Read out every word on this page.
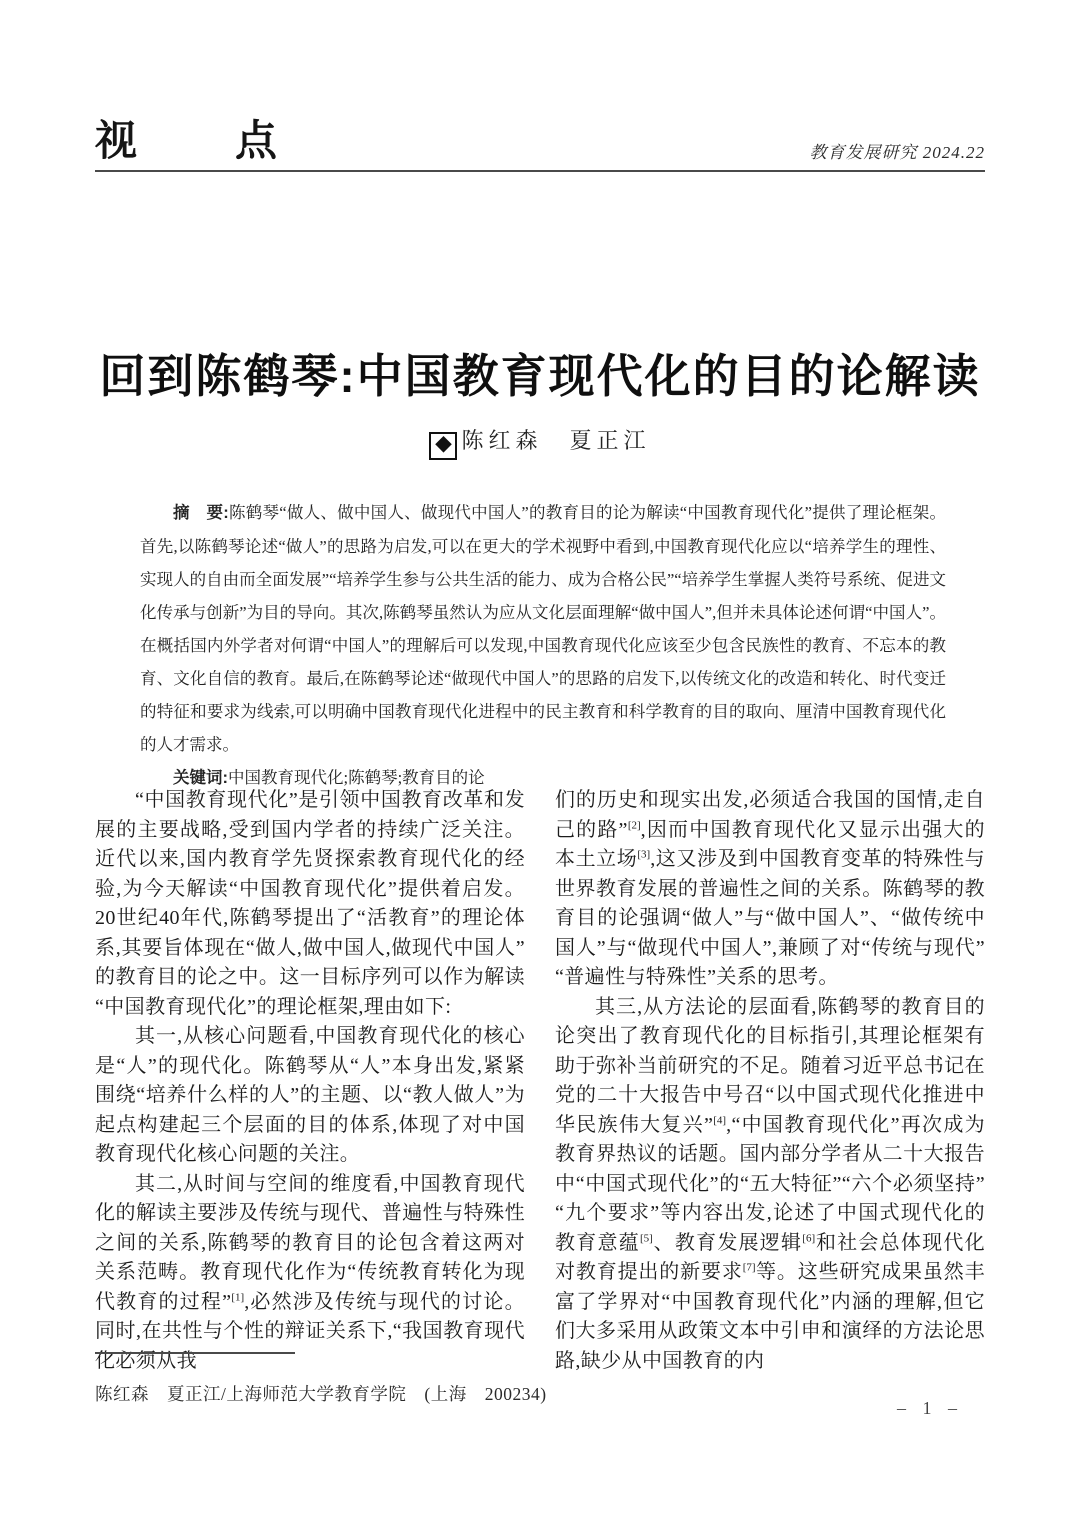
视点	教育发展研究 2024.22
回到陈鹤琴:中国教育现代化的目的论解读
◆ 陈红森　夏正江

摘　要:陈鹤琴“做人、做中国人、做现代中国人”的教育目的论为解读“中国教育现代化”提供了理论框架。首先,以陈鹤琴论述“做人”的思路为启发,可以在更大的学术视野中看到,中国教育现代化应以“培养学生的理性、实现人的自由而全面发展”“培养学生参与公共生活的能力、成为合格公民”“培养学生掌握人类符号系统、促进文化传承与创新”为目的导向。其次,陈鹤琴虽然认为应从文化层面理解“做中国人”,但并未具体论述何谓“中国人”。在概括国内外学者对何谓“中国人”的理解后可以发现,中国教育现代化应该至少包含民族性的教育、不忘本的教育、文化自信的教育。最后,在陈鹤琴论述“做现代中国人”的思路的启发下,以传统文化的改造和转化、时代变迁的特征和要求为线索,可以明确中国教育现代化进程中的民主教育和科学教育的目的取向、厘清中国教育现代化的人才需求。

关键词:中国教育现代化;陈鹤琴;教育目的论

“中国教育现代化”是引领中国教育改革和发展的主要战略,受到国内学者的持续广泛关注。近代以来,国内教育学先贤探索教育现代化的经验,为今天解读“中国教育现代化”提供着启发。20世纪40年代,陈鹤琴提出了“活教育”的理论体系,其要旨体现在“做人,做中国人,做现代中国人”的教育目的论之中。这一目标序列可以作为解读“中国教育现代化”的理论框架,理由如下:

其一,从核心问题看,中国教育现代化的核心是“人”的现代化。陈鹤琴从“人”本身出发,紧紧围绕“培养什么样的人”的主题、以“教人做人”为起点构建起三个层面的目的体系,体现了对中国教育现代化核心问题的关注。

其二,从时间与空间的维度看,中国教育现代化的解读主要涉及传统与现代、普遍性与特殊性之间的关系,陈鹤琴的教育目的论包含着这两对关系范畴。教育现代化作为“传统教育转化为现代教育的过程”[1],必然涉及传统与现代的讨论。同时,在共性与个性的辩证关系下,“我国教育现代化必须从我

们的历史和现实出发,必须适合我国的国情,走自己的路”[2],因而中国教育现代化又显示出强大的本土立场[3],这又涉及到中国教育变革的特殊性与世界教育发展的普遍性之间的关系。陈鹤琴的教育目的论强调“做人”与“做中国人”、“做传统中国人”与“做现代中国人”,兼顾了对“传统与现代”“普遍性与特殊性”关系的思考。

其三,从方法论的层面看,陈鹤琴的教育目的论突出了教育现代化的目标指引,其理论框架有助于弥补当前研究的不足。随着习近平总书记在党的二十大报告中号召“以中国式现代化推进中华民族伟大复兴”[4],“中国教育现代化”再次成为教育界热议的话题。国内部分学者从二十大报告中“中国式现代化”的“五大特征”“六个必须坚持”“九个要求”等内容出发,论述了中国式现代化的教育意蕴[5]、教育发展逻辑[6]和社会总体现代化对教育提出的新要求[7]等。这些研究成果虽然丰富了学界对“中国教育现代化”内涵的理解,但它们大多采用从政策文本中引申和演绎的方法论思路,缺少从中国教育的内

陈红森　夏正江/上海师范大学教育学院　(上海　200234)

– 1 –
